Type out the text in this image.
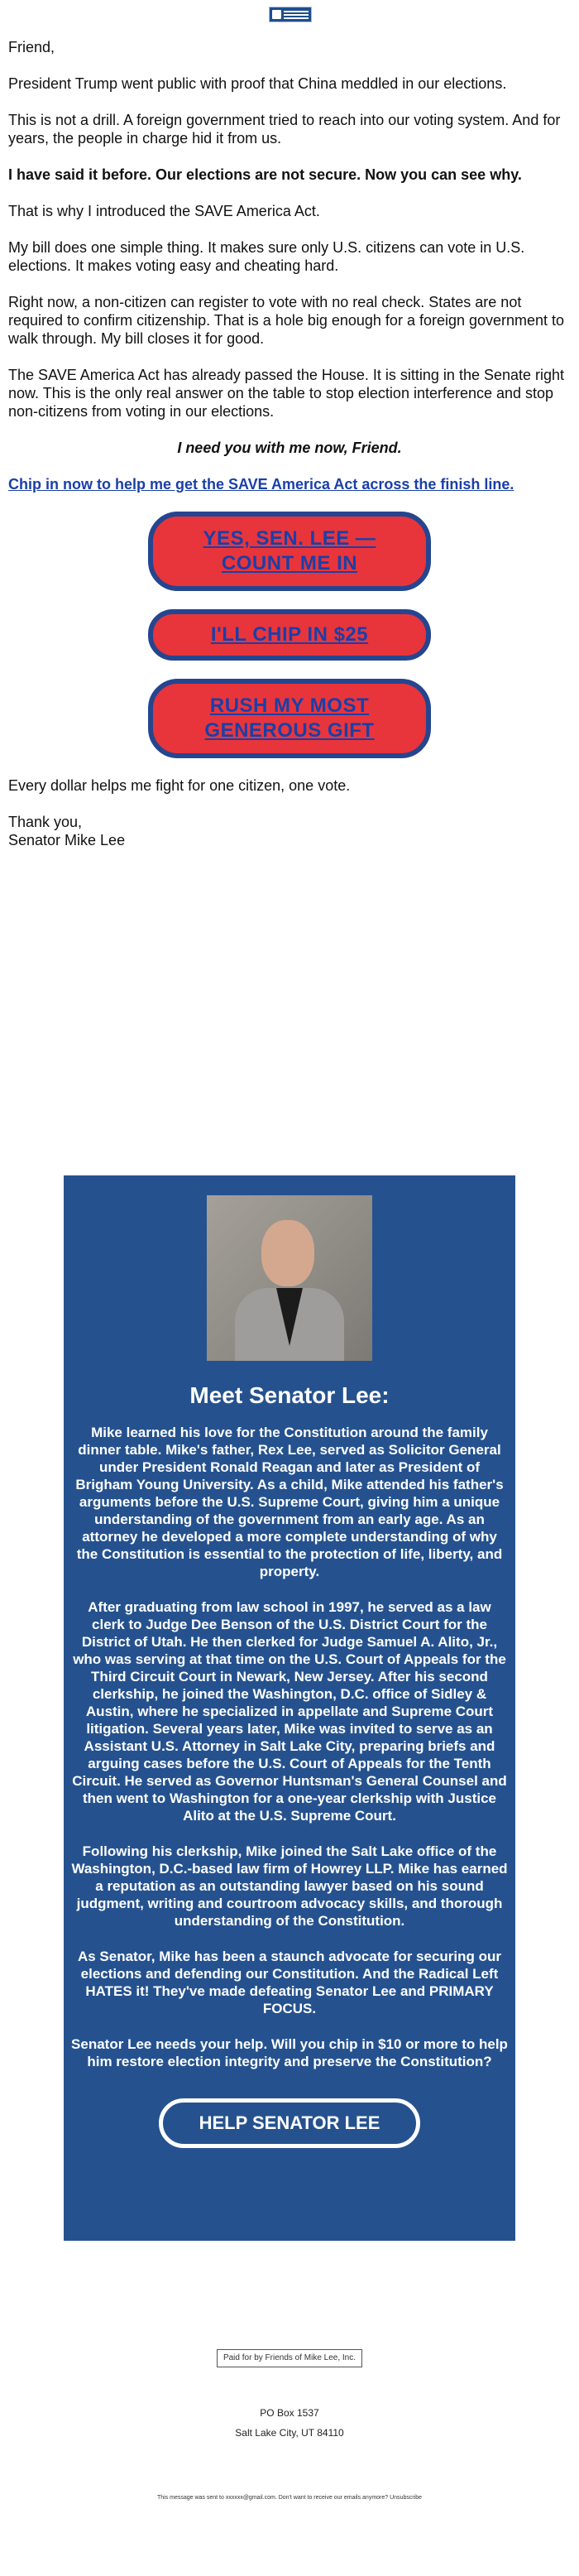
Friend,

President Trump went public with proof that China meddled in our elections.

This is not a drill. A foreign government tried to reach into our voting system. And for years, the people in charge hid it from us.

I have said it before. Our elections are not secure. Now you can see why.

That is why I introduced the SAVE America Act.

My bill does one simple thing. It makes sure only U.S. citizens can vote in U.S. elections. It makes voting easy and cheating hard.

Right now, a non-citizen can register to vote with no real check. States are not required to confirm citizenship. That is a hole big enough for a foreign government to walk through. My bill closes it for good.

The SAVE America Act has already passed the House. It is sitting in the Senate right now. This is the only real answer on the table to stop election interference and stop non-citizens from voting in our elections.

I need you with me now, Friend.

Chip in now to help me get the SAVE America Act across the finish line.

YES, SEN. LEE — COUNT ME IN
I'LL CHIP IN $25
RUSH MY MOST GENEROUS GIFT

Every dollar helps me fight for one citizen, one vote.

Thank you,

Senator Mike Lee

Meet Senator Lee:

Mike learned his love for the Constitution around the family dinner table. Mike's father, Rex Lee, served as Solicitor General under President Ronald Reagan and later as President of Brigham Young University. As a child, Mike attended his father's arguments before the U.S. Supreme Court, giving him a unique understanding of the government from an early age. As an attorney he developed a more complete understanding of why the Constitution is essential to the protection of life, liberty, and property.

After graduating from law school in 1997, he served as a law clerk to Judge Dee Benson of the U.S. District Court for the District of Utah. He then clerked for Judge Samuel A. Alito, Jr., who was serving at that time on the U.S. Court of Appeals for the Third Circuit Court in Newark, New Jersey. After his second clerkship, he joined the Washington, D.C. office of Sidley & Austin, where he specialized in appellate and Supreme Court litigation. Several years later, Mike was invited to serve as an Assistant U.S. Attorney in Salt Lake City, preparing briefs and arguing cases before the U.S. Court of Appeals for the Tenth Circuit. He served as Governor Huntsman's General Counsel and then went to Washington for a one-year clerkship with Justice Alito at the U.S. Supreme Court.

Following his clerkship, Mike joined the Salt Lake office of the Washington, D.C.-based law firm of Howrey LLP. Mike has earned a reputation as an outstanding lawyer based on his sound judgment, writing and courtroom advocacy skills, and thorough understanding of the Constitution.

As Senator, Mike has been a staunch advocate for securing our elections and defending our Constitution. And the Radical Left HATES it! They've made defeating Senator Lee and PRIMARY FOCUS.

Senator Lee needs your help. Will you chip in $10 or more to help him restore election integrity and preserve the Constitution?

HELP SENATOR LEE
Paid for by Friends of Mike Lee, Inc.
PO Box 1537
Salt Lake City, UT 84110
This message was sent to xxxxxx@gmail.com. Don't want to receive our emails anymore? Unsubscribe
